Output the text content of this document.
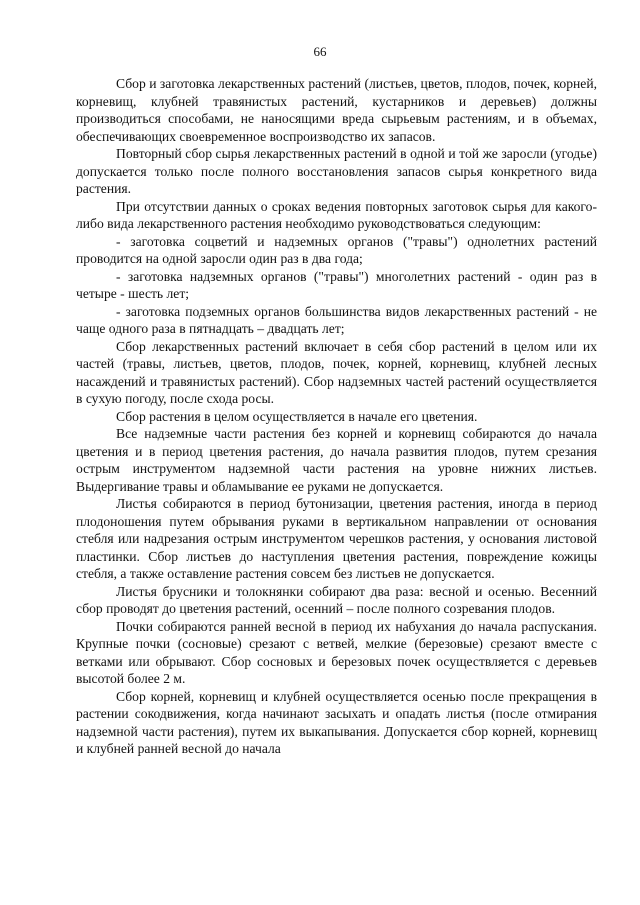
66

Сбор и заготовка лекарственных растений (листьев, цветов, плодов, почек, корней, корневищ, клубней травянистых растений, кустарников и деревьев) должны производиться способами, не наносящими вреда сырьевым растениям, и в объемах, обеспечивающих своевременное воспроизводство их запасов.

Повторный сбор сырья лекарственных растений в одной и той же заросли (угодье) допускается только после полного восстановления запасов сырья конкретного вида растения.

При отсутствии данных о сроках ведения повторных заготовок сырья для какого-либо вида лекарственного растения необходимо руководствоваться следующим:

- заготовка соцветий и надземных органов ("травы") однолетних растений проводится на одной заросли один раз в два года;

- заготовка надземных органов ("травы") многолетних растений - один раз в четыре - шесть лет;

- заготовка подземных органов большинства видов лекарственных растений - не чаще одного раза в пятнадцать – двадцать лет;

Сбор лекарственных растений включает в себя сбор растений в целом или их частей (травы, листьев, цветов, плодов, почек, корней, корневищ, клубней лесных насаждений и травянистых растений). Сбор надземных частей растений осуществляется в сухую погоду, после схода росы.

Сбор растения в целом осуществляется в начале его цветения.

Все надземные части растения без корней и корневищ собираются до начала цветения и в период цветения растения, до начала развития плодов, путем срезания острым инструментом надземной части растения на уровне нижних листьев. Выдергивание травы и обламывание ее руками не допускается.

Листья собираются в период бутонизации, цветения растения, иногда в период плодоношения путем обрывания руками в вертикальном направлении от основания стебля или надрезания острым инструментом черешков растения, у основания листовой пластинки. Сбор листьев до наступления цветения растения, повреждение кожицы стебля, а также оставление растения совсем без листьев не допускается.

Листья брусники и толокнянки собирают два раза: весной и осенью. Весенний сбор проводят до цветения растений, осенний – после полного созревания плодов.

Почки собираются ранней весной в период их набухания до начала распускания. Крупные почки (сосновые) срезают с ветвей, мелкие (березовые) срезают вместе с ветками или обрывают. Сбор сосновых и березовых почек осуществляется с деревьев высотой более 2 м.

Сбор корней, корневищ и клубней осуществляется осенью после прекращения в растении сокодвижения, когда начинают засыхать и опадать листья (после отмирания надземной части растения), путем их выкапывания. Допускается сбор корней, корневищ и клубней ранней весной до начала
